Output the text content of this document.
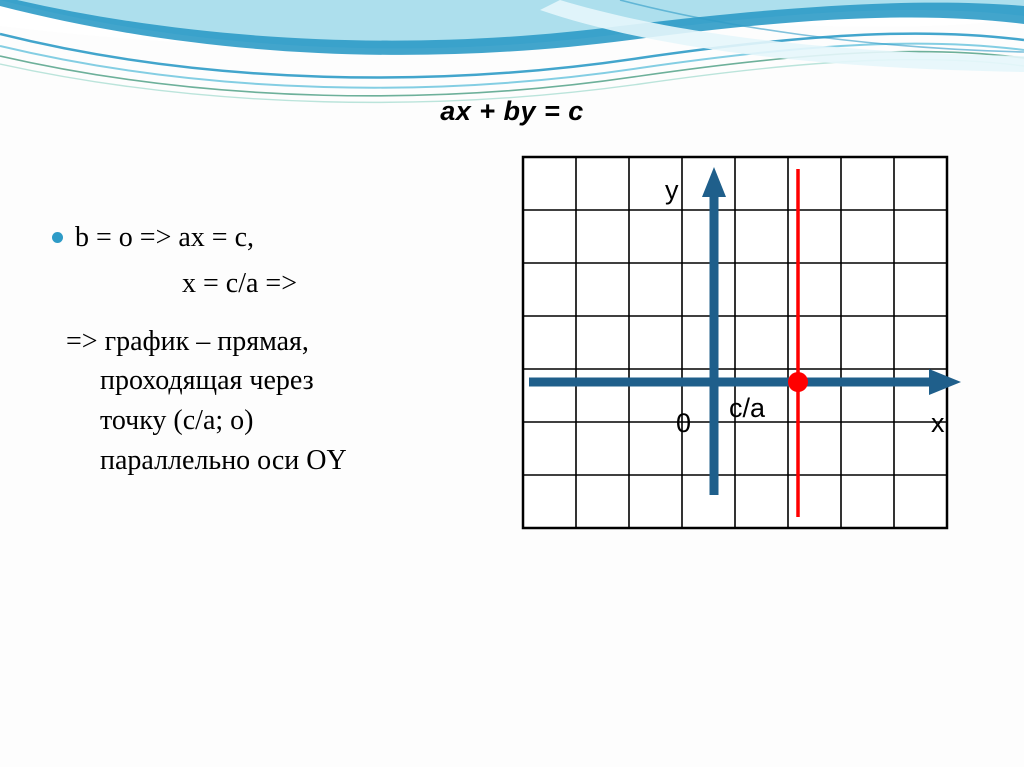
ax + by = c
b = o => ax = c,
x = c/a =>
=> график – прямая,
проходящая через
точку (с/а; о)
параллельно оси ОY
y
x
0 с/а
